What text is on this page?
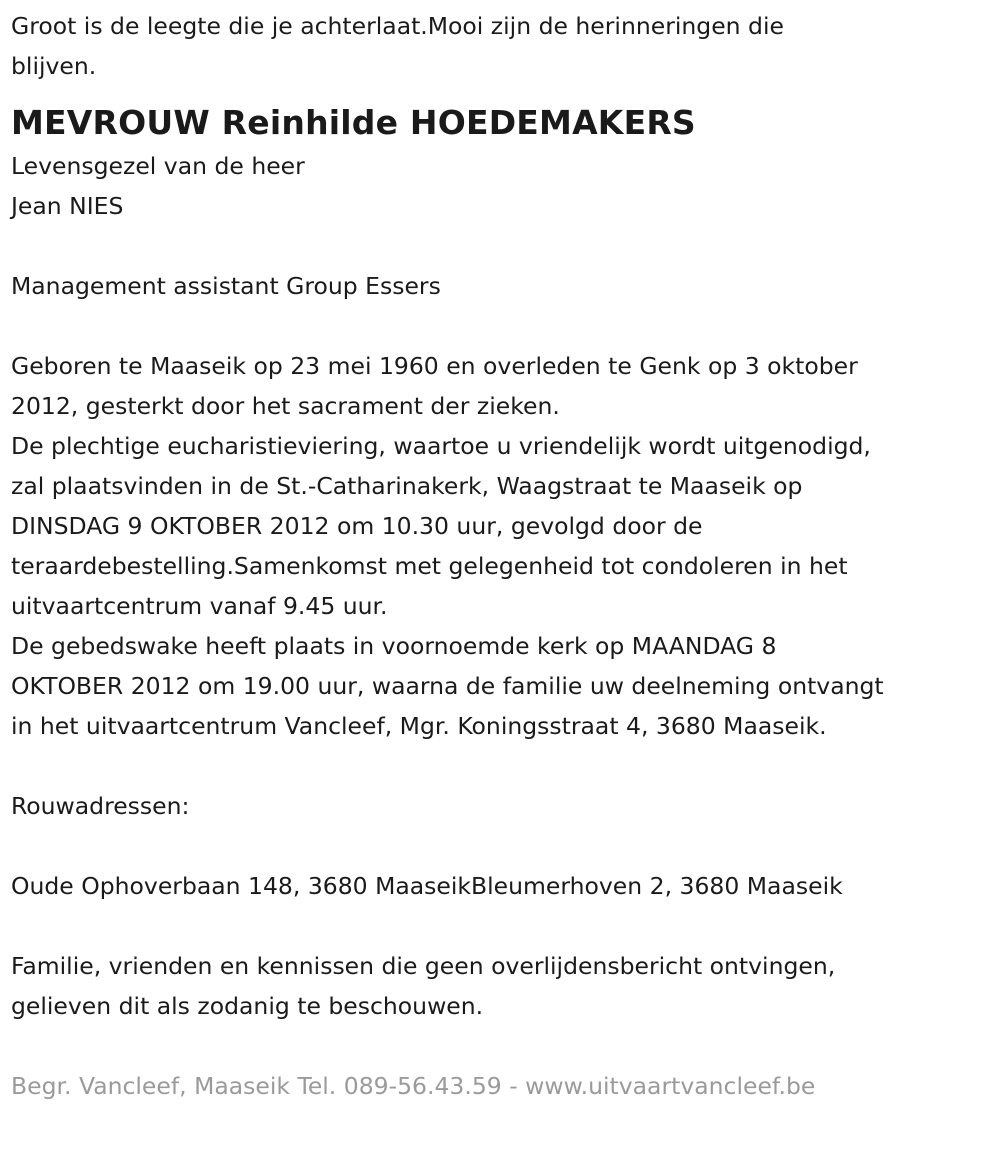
Groot is de leegte die je achterlaat.Mooi zijn de herinneringen die

blijven.

MEVROUW Reinhilde HOEDEMAKERS

Levensgezel van de heer

Jean NIES

Management assistant Group Essers

Geboren te Maaseik op 23 mei 1960 en overleden te Genk op 3 oktober

2012, gesterkt door het sacrament der zieken.

De plechtige eucharistieviering, waartoe u vriendelijk wordt uitgenodigd,

zal plaatsvinden in de St.-Catharinakerk, Waagstraat te Maaseik op

DINSDAG 9 OKTOBER 2012 om 10.30 uur, gevolgd door de

teraardebestelling.Samenkomst met gelegenheid tot condoleren in het

uitvaartcentrum vanaf 9.45 uur.

De gebedswake heeft plaats in voornoemde kerk op MAANDAG 8

OKTOBER 2012 om 19.00 uur, waarna de familie uw deelneming ontvangt

in het uitvaartcentrum Vancleef, Mgr. Koningsstraat 4, 3680 Maaseik.

Rouwadressen:

Oude Ophoverbaan 148, 3680 MaaseikBleumerhoven 2, 3680 Maaseik

Familie, vrienden en kennissen die geen overlijdensbericht ontvingen,

gelieven dit als zodanig te beschouwen.

Begr. Vancleef, Maaseik Tel. 089-56.43.59 - www.uitvaartvancleef.be
